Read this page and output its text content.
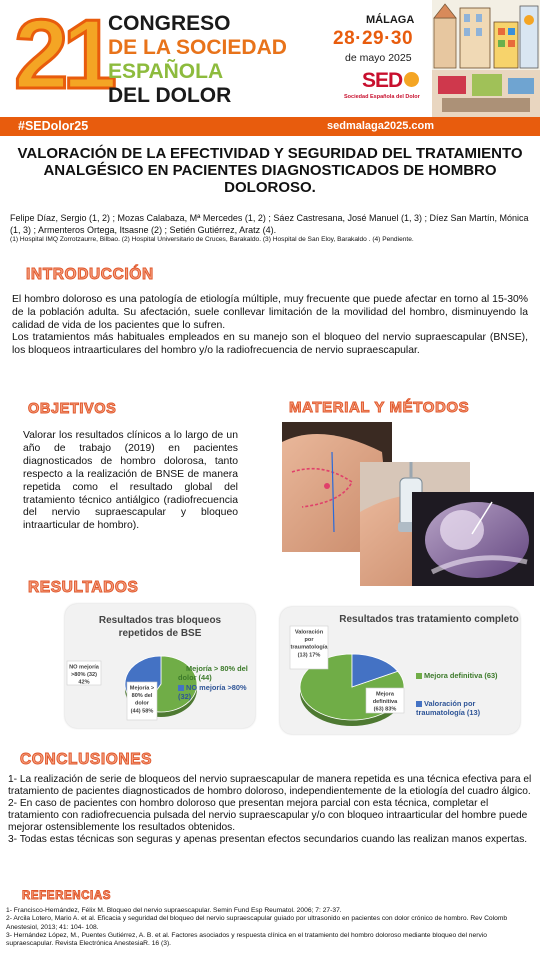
21
CONGRESO
DE LA SOCIEDAD
ESPAÑOLA
DEL DOLOR
MÁLAGA
28·29·30
de mayo 2025
SED
Sociedad Española del Dolor
#SEDolor25	sedmalaga2025.com
VALORACIÓN DE LA EFECTIVIDAD Y SEGURIDAD DEL TRATAMIENTO ANALGÉSICO EN PACIENTES DIAGNOSTICADOS DE HOMBRO DOLOROSO.
Felipe Díaz, Sergio (1, 2) ; Mozas Calabaza, Mª Mercedes (1, 2) ; Sáez Castresana, José Manuel (1, 3) ; Díez San Martín, Mónica (1, 3) ; Armenteros Ortega, Itsasne (2) ; Setién Gutiérrez, Aratz (4).
(1) Hospital IMQ Zorrotzaurre, Bilbao. (2) Hospital Universitario de Cruces, Barakaldo. (3) Hospital de San Eloy, Barakaldo . (4) Pendiente.
INTRODUCCIÓN

El hombro doloroso es una patología de etiología múltiple, muy frecuente que puede afectar en torno al 15-30% de la población adulta. Su afectación, suele conllevar limitación de la movilidad del hombro, disminuyendo la calidad de vida de los pacientes que lo sufren.

Los tratamientos más habituales empleados en su manejo son el bloqueo del nervio supraescapular (BNSE), los bloqueos intraarticulares del hombro y/o la radiofrecuencia de nervio supraescapular.

OBJETIVOS
Valorar los resultados clínicos a lo largo de un año de trabajo (2019) en pacientes diagnosticados de hombro dolorosa, tanto respecto a la realización de BNSE de manera repetida como el resultado global del tratamiento técnico antiálgico (radiofrecuencia del nervio supraescapular y bloqueo intraarticular de hombro).
MATERIAL Y MÉTODOS
RESULTADOS
Resultados tras bloqueos repetidos de BSE
Mejoría >
80% del
dolor
(44) 58%
NO mejoría
>80% (32)
42%
Mejoría > 80% del dolor (44)
NO mejoría >80% (32)
Resultados tras tratamiento completo
Mejora
definitiva
(63) 83%
Valoración
por
traumatología
(13) 17%
Mejora definitiva (63)
Valoración por traumatología (13)
CONCLUSIONES

1- La realización de serie de bloqueos del nervio supraescapular de manera repetida es una técnica efectiva para el tratamiento de pacientes diagnosticados de hombro doloroso, independientemente de la etiología del cuadro álgico.

2- En caso de pacientes con hombro doloroso que presentan mejora parcial con esta técnica, completar el tratamiento con radiofrecuencia pulsada del nervio supraescapular y/o con bloqueo intraarticular del hombre puede mejorar ostensiblemente los resultados obtenidos.

3- Todas estas técnicas son seguras y apenas presentan efectos secundarios cuando las realizan manos expertas.

REFERENCIAS

1- Francisco-Hernández, Félix M. Bloqueo del nervio supraescapular. Semin Fund Esp Reumatol. 2006; 7: 27-37.

2- Arcila Lotero, Mario A. et al. Eficacia y seguridad del bloqueo del nervio supraescapular guiado por ultrasonido en pacientes con dolor crónico de hombro. Rev Colomb Anestesiol, 2013; 41: 104- 108.

3- Hernández López, M., Puentes Gutiérrez, A. B. et al. Factores asociados y respuesta clínica en el tratamiento del hombro doloroso mediante bloqueo del nervio supraescapular. Revista Electrónica AnestesiaR. 16 (3).
